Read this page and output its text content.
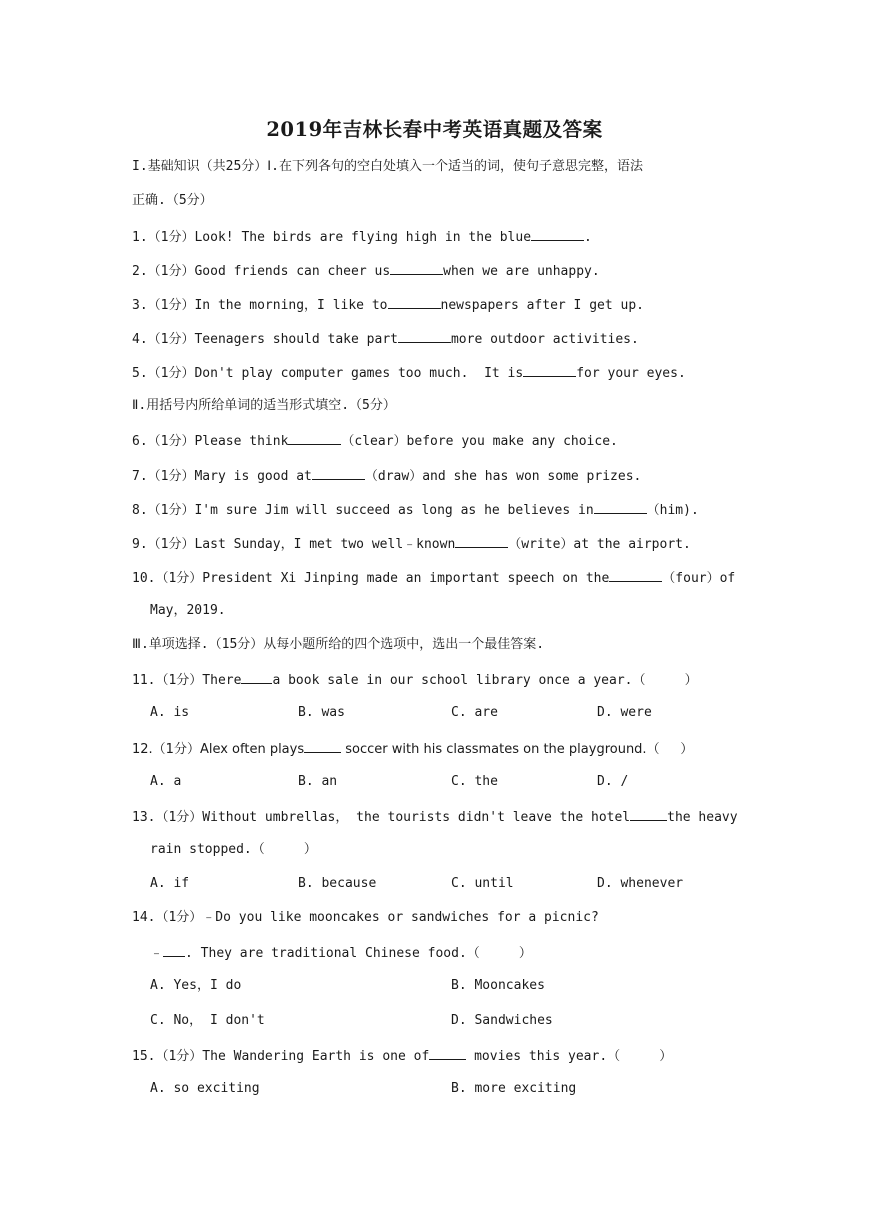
2019年吉林长春中考英语真题及答案
I.基础知识（共25分）Ⅰ.在下列各句的空白处填入一个适当的词，使句子意思完整，语法
正确.（5分）
1.（1分）Look! The birds are flying high in the blue	.
2.（1分）Good friends can cheer us	when we are unhappy.
3.（1分）In the morning，I like to	newspapers after I get up.
4.（1分）Teenagers should take part	more outdoor activities.
5.（1分）Don't play computer games too much.  It is	for your eyes.
Ⅱ.用括号内所给单词的适当形式填空.（5分）
6.（1分）Please think	（clear）before you make any choice.
7.（1分）Mary is good at	（draw）and she has won some prizes.
8.（1分）I'm sure Jim will succeed as long as he believes in	（him).
9.（1分）Last Sunday，I met two well﹣known	（write）at the airport.
10.（1分）President Xi Jinping made an important speech on the	（four）of
May，2019.
Ⅲ.单项选择.（15分）从每小题所给的四个选项中，选出一个最佳答案.
11.（1分）There a book sale in our school library once a year.（     ）
A. is	B. was	C. are	D. were
12.（1分）Alex often plays	soccer with his classmates on the playground.（     ）
A. a	B. an	C. the	D. /
13.（1分）Without umbrellas， the tourists didn't leave the hotel	the heavy
rain stopped.（     ）
A. if	B. because	C. until	D. whenever
14.（1分）﹣Do you like mooncakes or sandwiches for a picnic?
﹣ . They are traditional Chinese food.（     ）
A. Yes，I do	B. Mooncakes
C. No， I don't	D. Sandwiches
15.（1分）The Wandering Earth is one of	movies this year.（     ）
A. so exciting	B. more exciting
